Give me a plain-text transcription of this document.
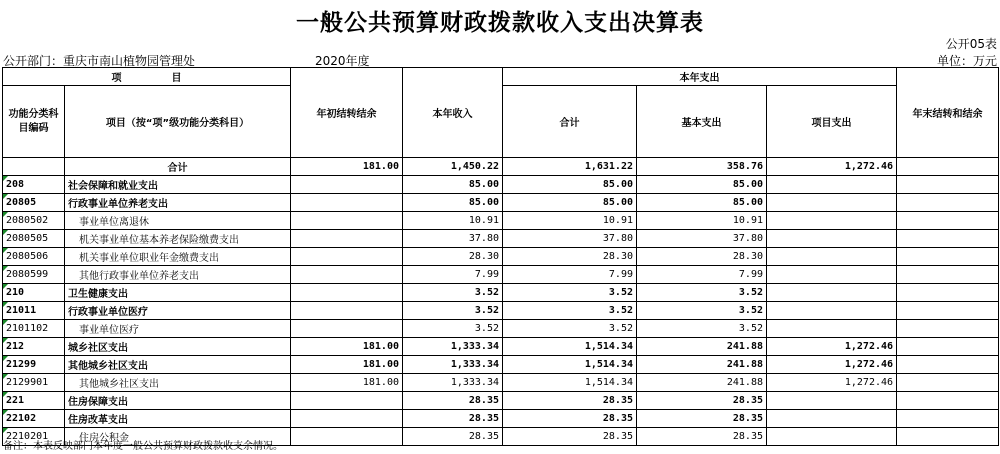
一般公共预算财政拨款收入支出决算表
公开05表
公开部门：重庆市南山植物园管理处	2020年度	单位：万元
项　　　　　目		年初结转结余	本年收入	本年支出			年末结转和结余
功能分类科目编码	项目（按“项”级功能分类科目）			合计	基本支出	项目支出	
	合计	181.00	1,450.22	1,631.22	358.76	1,272.46	
208	社会保障和就业支出		85.00	85.00	85.00		
20805	行政事业单位养老支出		85.00	85.00	85.00		
2080502	事业单位离退休		10.91	10.91	10.91		
2080505	机关事业单位基本养老保险缴费支出		37.80	37.80	37.80		
2080506	机关事业单位职业年金缴费支出		28.30	28.30	28.30		
2080599	其他行政事业单位养老支出		7.99	7.99	7.99		
210	卫生健康支出		3.52	3.52	3.52		
21011	行政事业单位医疗		3.52	3.52	3.52		
2101102	事业单位医疗		3.52	3.52	3.52		
212	城乡社区支出	181.00	1,333.34	1,514.34	241.88	1,272.46	
21299	其他城乡社区支出	181.00	1,333.34	1,514.34	241.88	1,272.46	
2129901	其他城乡社区支出	181.00	1,333.34	1,514.34	241.88	1,272.46	
221	住房保障支出		28.35	28.35	28.35		
22102	住房改革支出		28.35	28.35	28.35		
2210201	住房公积金		28.35	28.35	28.35		
备注：本表反映部门本年度一般公共预算财政拨款收支余情况。
